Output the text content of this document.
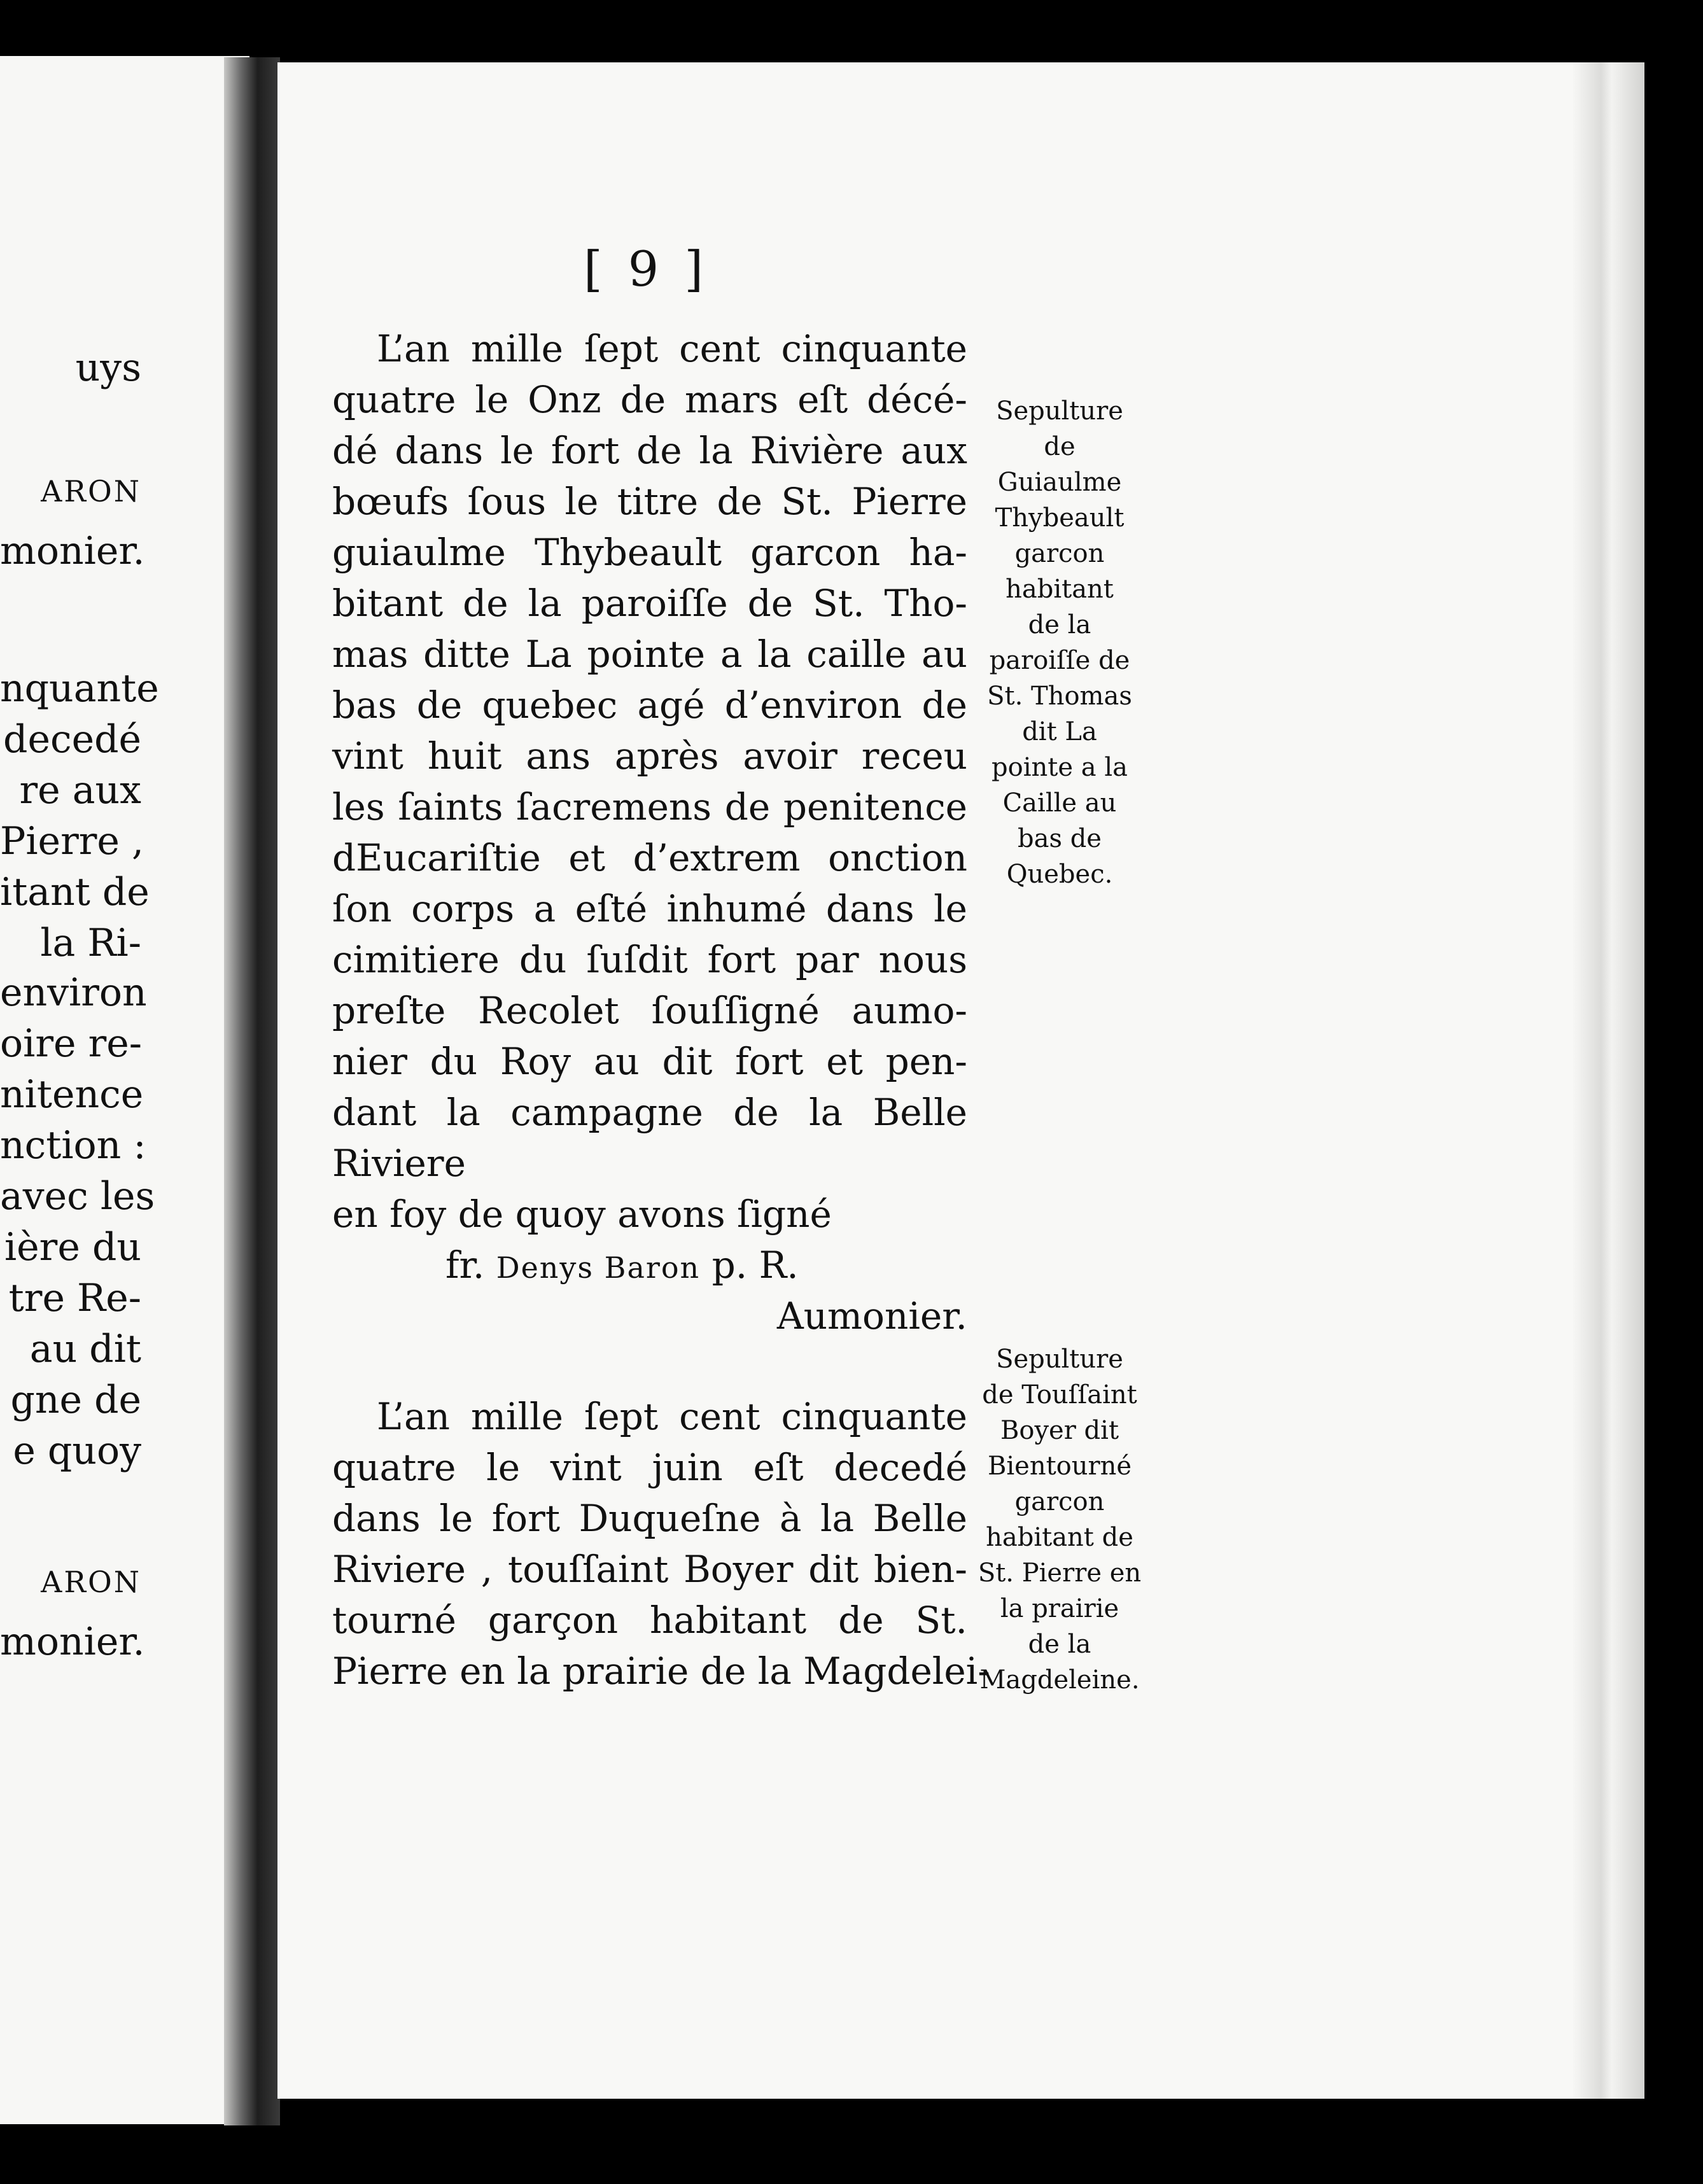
uys
ARON
monier.
nquante
decedé
re aux
Pierre ,
itant de
la Ri-
environ
oire re-
nitence
nction :
avec les
ière du
tre Re-
au dit
gne de
e quoy
ARON
monier.
[ 9 ]
L’an mille ſept cent cinquante
quatre le Onz de mars eſt décé-
dé dans le fort de la Rivière aux
bœufs ſous le titre de St. Pierre
guiaulme Thybeault garcon ha-
bitant de la paroiſſe de St. Tho-
mas ditte La pointe a la caille au
bas de quebec agé d’environ de
vint huit ans après avoir receu
les ſaints ſacremens de penitence
dEucariſtie et d’extrem onction
ſon corps a eſté inhumé dans le
cimitiere du ſuſdit fort par nous
preſte Recolet ſouſſigné aumo-
nier du Roy au dit fort et pen-
dant la campagne de la Belle
Riviere
en foy de quoy avons ſigné
fr. Denys Baron p. R.
Aumonier.
Sepulture
de
Guiaulme
Thybeault
garcon
habitant
de la
paroiſſe de
St. Thomas
dit La
pointe a la
Caille au
bas de
Quebec.
L’an mille ſept cent cinquante
quatre le vint juin eſt decedé
dans le fort Duqueſne à la Belle
Riviere , touſſaint Boyer dit bien-
tourné garçon habitant de St.
Pierre en la prairie de la Magdelei-
Sepulture
de Touſſaint
Boyer dit
Bientourné
garcon
habitant de
St. Pierre en
la prairie
de la
Magdeleine.
